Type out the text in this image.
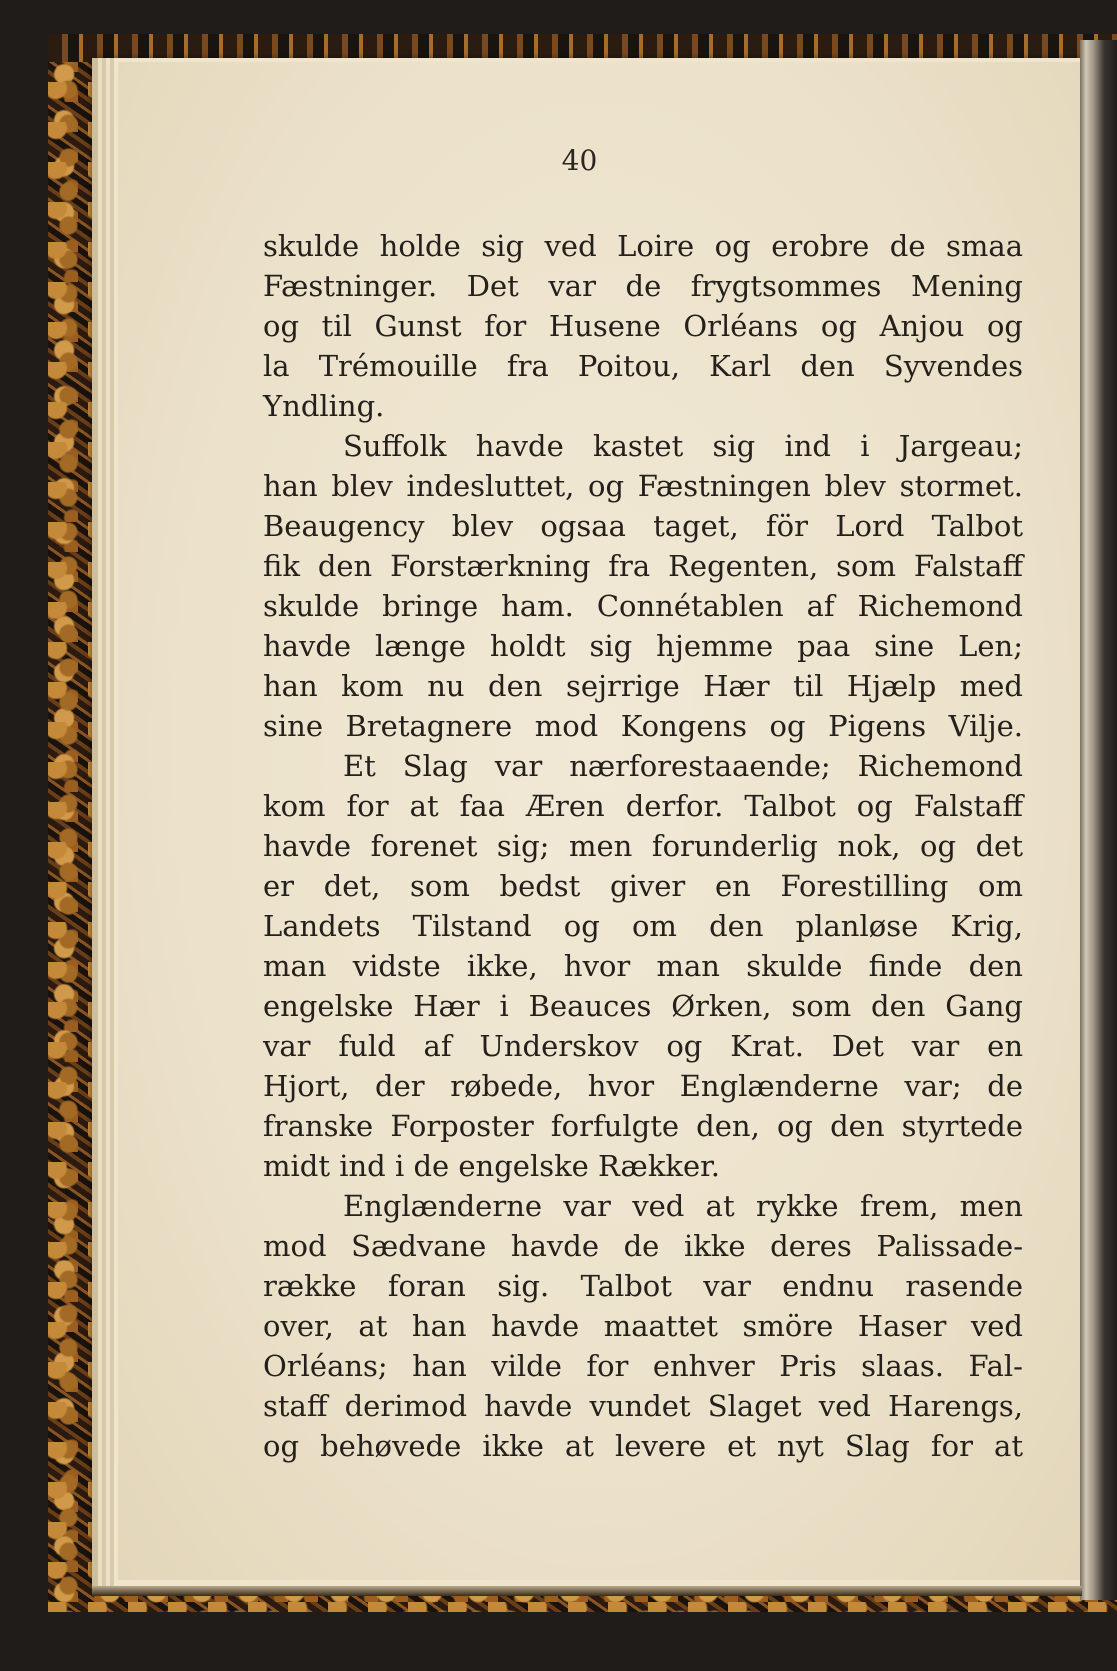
40
skulde holde sig ved Loire og erobre de smaa
Fæstninger. Det var de frygtsommes Mening
og til Gunst for Husene Orléans og Anjou og
la Trémouille fra Poitou, Karl den Syvendes
Yndling.
Suffolk havde kastet sig ind i Jargeau;
han blev indesluttet, og Fæstningen blev stormet.
Beaugency blev ogsaa taget, för Lord Talbot
fik den Forstærkning fra Regenten, som Falstaff
skulde bringe ham. Connétablen af Richemond
havde længe holdt sig hjemme paa sine Len;
han kom nu den sejrrige Hær til Hjælp med
sine Bretagnere mod Kongens og Pigens Vilje.
Et Slag var nærforestaaende; Richemond
kom for at faa Æren derfor. Talbot og Falstaff
havde forenet sig; men forunderlig nok, og det
er det, som bedst giver en Forestilling om
Landets Tilstand og om den planløse Krig,
man vidste ikke, hvor man skulde finde den
engelske Hær i Beauces Ørken, som den Gang
var fuld af Underskov og Krat. Det var en
Hjort, der røbede, hvor Englænderne var; de
franske Forposter forfulgte den, og den styrtede
midt ind i de engelske Rækker.
Englænderne var ved at rykke frem, men
mod Sædvane havde de ikke deres Palissade-
række foran sig. Talbot var endnu rasende
over, at han havde maattet smöre Haser ved
Orléans; han vilde for enhver Pris slaas. Fal-
staff derimod havde vundet Slaget ved Harengs,
og behøvede ikke at levere et nyt Slag for at
